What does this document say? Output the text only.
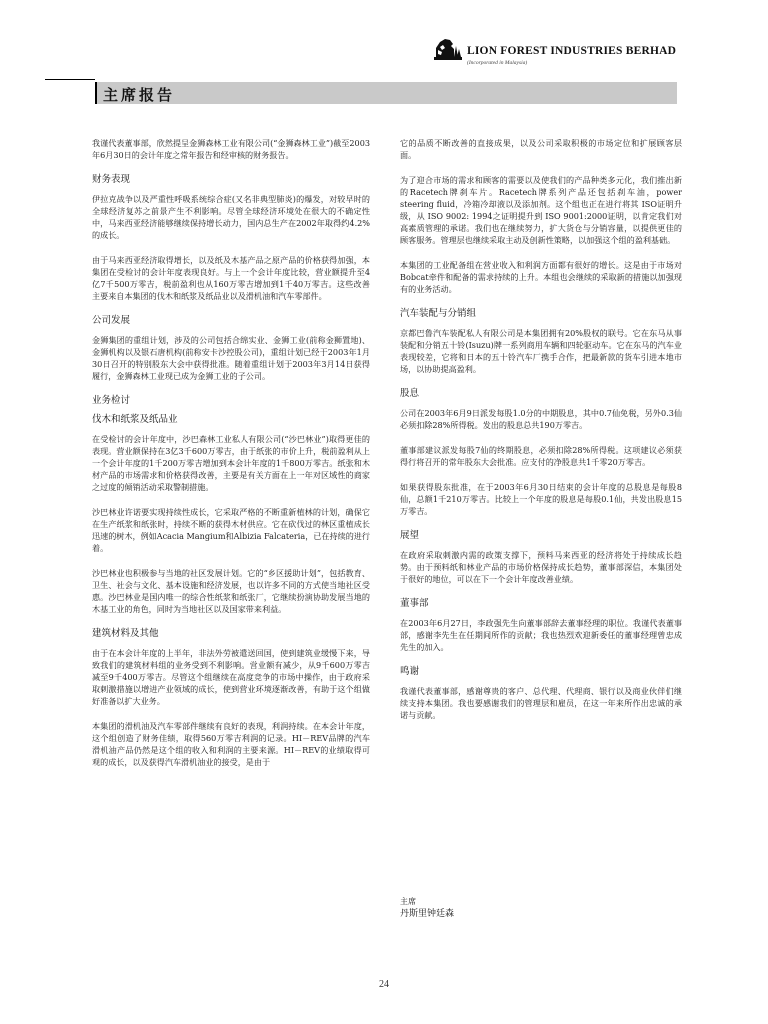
LION FOREST INDUSTRIES BERHAD
(Incorporated in Malaysia)
主席报告

我谨代表董事部，欣然提呈金狮森林工业有限公司(“金狮森林工业”)截至2003年6月30日的会计年度之常年报告和经审核的财务报告。

财务表现

伊拉克战争以及严重性呼吸系统综合症(又名非典型肺炎)的爆发，对较早时的全球经济复苏之前景产生不利影响。尽管全球经济环境处在很大的不确定性中，马来西亚经济能够继续保持增长动力，国内总生产在2002年取得约4.2%的成长。

由于马来西亚经济取得增长，以及纸及木基产品之原产品的价格获得加强，本集团在受检讨的会计年度表现良好。与上一个会计年度比较，营业额提升至4亿7千500万零吉，税前盈利也从160万零吉增加到1千40万零吉。这些改善主要来自本集团的伐木和纸浆及纸品业以及滑机油和汽车零部件。

公司发展

金狮集团的重组计划，涉及的公司包括合绵实业、金狮工业(前称金狮置地)、金狮机构以及银石唐机构(前称安卡沙控股公司)，重组计划已经于2003年1月30日召开的特别股东大会中获得批准。随着重组计划于2003年3月14日获得履行，金狮森林工业现已成为金狮工业的子公司。

业务检讨
伐木和纸浆及纸品业

在受检讨的会计年度中，沙巴森林工业私人有限公司(“沙巴林业”)取得更佳的表现。营业额保持在3亿3千600万零吉，由于纸张的市价上升，税前盈利从上一个会计年度的1千200万零吉增加到本会计年度的1千800万零吉。纸张和木材产品的市场需求和价格获得改善，主要是有关方面在上一年对区域性的商家之过度的倾销活动采取警制措施。

沙巴林业许诺要实现持续性成长，它采取严格的不断重新植林的计划，确保它在生产纸浆和纸张时，持续不断的获得木材供应。它在砍伐过的林区重植成长迅速的树木，例如Acacia Mangium和Albizia Falcateria，已在持续的进行着。

沙巴林业也积极参与当地的社区发展计划。它的“乡区援助计划”，包括教育、卫生、社会与文化、基本设施和经济发展，也以许多不同的方式使当地社区受惠。沙巴林业是国内唯一的综合性纸浆和纸张厂，它继续扮演协助发展当地的木基工业的角色，同时为当地社区以及国家带来利益。

建筑材料及其他

由于在本会计年度的上半年，非法外劳被遣送回国，使到建筑业缓慢下来，导致我们的建筑材料组的业务受到不利影响。営业额有减少，从9千600万零吉减至9千400万零吉。尽管这个组继续在高度竞争的市场中操作，由于政府采取刺激措施以增进产业领域的成长，使到营业环境逐渐改善，有助于这个组做好准备以扩大业务。

本集团的滑机油及汽车零部件继续有良好的表现，利润持续。在本会计年度，这个组创造了财务佳绩，取得560万零吉利润的记录。HI－REV品牌的汽车滑机油产品仍然是这个组的收入和利润的主要来源。HI－REV的业绩取得可观的成长，以及获得汽车滑机油业的接受，是由于

它的品质不断改善的直接成果，以及公司采取积极的市场定位和扩展顾客层面。

为了迎合市场的需求和顾客的需要以及使我们的产品种类多元化，我们推出新的Racetech牌刹车片。Racetech牌系列产品还包括刹车油，power steering fluid，冷箱冷却液以及添加剂。这个组也正在进行将其 ISO证明升级，从 ISO 9002: 1994之证明提升到 ISO 9001:2000证明，以肯定我们对高素质管理的承诺。我们也在继续努力，扩大货仓与分销容量，以提供更佳的顾客服务。管理层也继续采取主动及创新性策略，以加强这个组的盈利基础。

本集团的工业配备组在营业收入和利润方面都有很好的增长。这是由于市场对Bobcat牵件和配备的需求持续的上升。本组也会继续的采取新的措施以加强现有的业务活动。

汽车装配与分销组

京都巴鲁汽车装配私人有限公司是本集团拥有20%股权的联号。它在东马从事装配和分销五十铃(Isuzu)牌一系列商用车辆和四轮驱动车。它在东马的汽车业表现较差，它将和日本的五十铃汽车厂携手合作，把最新款的货车引进本地市场，以协助提高盈利。

股息

公司在2003年6月9日派发每股1.0分的中期股息，其中0.7仙免税，另外0.3仙必须扣除28%所得税。发出的股息总共190万零吉。

董事部建议派发每股7仙的终期股息，必须扣除28%所得税。这项建议必须获得行将召开的常年股东大会批准。应支付的净股息共1千零20万零吉。

如果获得股东批准，在于2003年6月30日结束的会计年度的总股息是每股8仙，总额1千210万零吉。比较上一个年度的股息是每股0.1仙，共发出股息15万零吉。

展望

在政府采取刺激内需的政策支撑下，预料马来西亚的经济将处于持续成长趋势。由于预料纸和林业产品的市场价格保持成长趋势，董事部深信，本集团处于很好的地位，可以在下一个会计年度改善业绩。

董事部

在2003年6月27日，李政强先生向董事部辞去董事经理的职位。我谨代表董事部，感谢李先生在任期间所作的贡献；我也热烈欢迎新委任的董事经理曾忠成先生的加入。

鸣谢

我谨代表董事部，感谢尊贵的客户、总代理、代理商、银行以及商业伙伴们继续支持本集团。我也要感谢我们的管理层和雇员，在这一年来所作出忠诚的承诺与贡献。

主席

丹斯里钟廷森

24
